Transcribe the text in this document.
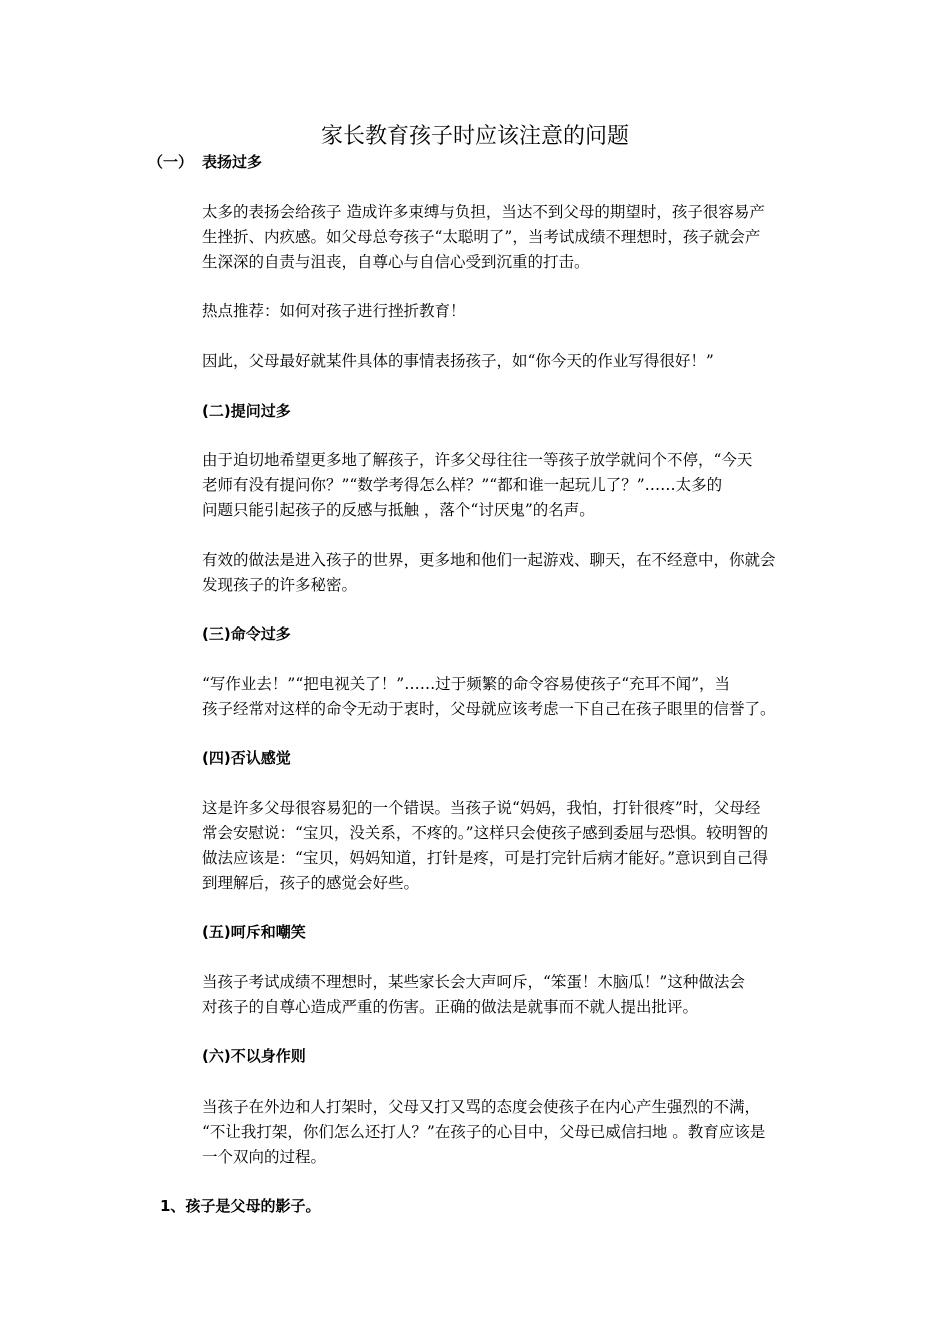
家长教育孩子时应该注意的问题
（一） 表扬过多
太多的表扬会给孩子 造成许多束缚与负担，当达不到父母的期望时，孩子很容易产
生挫折、内疚感。如父母总夸孩子“太聪明了”，当考试成绩不理想时，孩子就会产
生深深的自责与沮丧，自尊心与自信心受到沉重的打击。
热点推荐：如何对孩子进行挫折教育！
因此，父母最好就某件具体的事情表扬孩子，如“你今天的作业写得很好！”
(二)提问过多
由于迫切地希望更多地了解孩子，许多父母往往一等孩子放学就问个不停，“今天
老师有没有提问你？”“数学考得怎么样？”“都和谁一起玩儿了？”……太多的
问题只能引起孩子的反感与抵触 ，落个“讨厌鬼”的名声。
有效的做法是进入孩子的世界，更多地和他们一起游戏、聊天，在不经意中，你就会
发现孩子的许多秘密。
(三)命令过多
“写作业去！”“把电视关了！”……过于频繁的命令容易使孩子“充耳不闻”，当
孩子经常对这样的命令无动于衷时，父母就应该考虑一下自己在孩子眼里的信誉了。
(四)否认感觉
这是许多父母很容易犯的一个错误。当孩子说“妈妈，我怕，打针很疼”时，父母经
常会安慰说：“宝贝，没关系，不疼的。”这样只会使孩子感到委屈与恐惧。较明智的
做法应该是：“宝贝，妈妈知道，打针是疼，可是打完针后病才能好。”意识到自己得
到理解后，孩子的感觉会好些。
(五)呵斥和嘲笑
当孩子考试成绩不理想时，某些家长会大声呵斥，“笨蛋！木脑瓜！”这种做法会
对孩子的自尊心造成严重的伤害。正确的做法是就事而不就人提出批评。
(六)不以身作则
当孩子在外边和人打架时，父母又打又骂的态度会使孩子在内心产生强烈的不满，
“不让我打架，你们怎么还打人？”在孩子的心目中，父母已威信扫地 。教育应该是
一个双向的过程。
1、孩子是父母的影子。
